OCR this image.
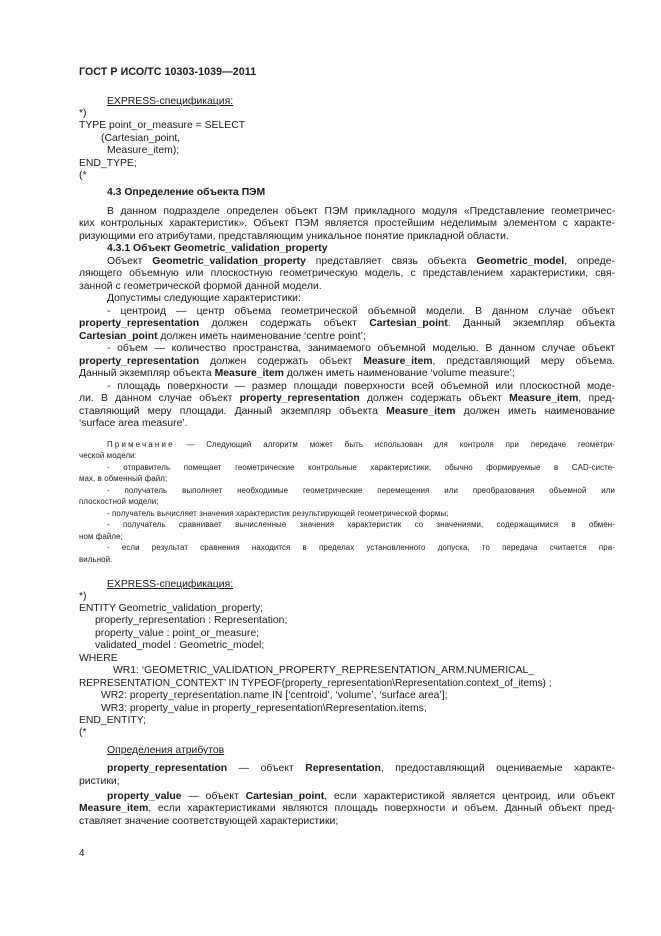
ГОСТ Р ИСО/ТС 10303-1039—2011
EXPRESS-спецификация:
*)
TYPE point_or_measure = SELECT
(Cartesian_point,
Measure_item);
END_TYPE;
(*
4.3 Определение объекта ПЭМ
В данном подразделе определен объект ПЭМ прикладного модуля «Представление геометричес-
ких контрольных характеристик». Объект ПЭМ является простейшим неделимым элементом с характе-
ризующими его атрибутами, представляющим уникальное понятие прикладной области.
4.3.1 Объект Geometric_validation_property
Объект Geometric_validation_property представляет связь объекта Geometric_model, опреде-
ляющего объемную или плоскостную геометрическую модель, с представлением характеристики, свя-
занной с геометрической формой данной модели.
Допустимы следующие характеристики:
- центроид — центр объема геометрической объемной модели. В данном случае объект
property_representation должен содержать объект Cartesian_point. Данный экземпляр объекта
Cartesian_point должен иметь наименование ‘centre point’;
- объем — количество пространства, занимаемого объемной моделью. В данном случае объект
property_representation должен содержать объект Measure_item, представляющий меру объема.
Данный экземпляр объекта Measure_item должен иметь наименование ‘volume measure’;
- площадь поверхности — размер площади поверхности всей объемной или плоскостной моде-
ли. В данном случае объект property_representation должен содержать объект Measure_item, пред-
ставляющий меру площади. Данный экземпляр объекта Measure_item должен иметь наименование
‘surface area measure’.
Примечание — Следующий алгоритм может быть использован для контроля при передаче геометри-
ческой модели:
- отправитель помещает геометрические контрольные характеристики, обычно формируемые в CAD-систе-
мах, в обменный файл;
- получатель выполняет необходимые геометрические перемещения или преобразования объемной или
плоскостной модели;
- получатель вычисляет значения характеристик результирующей геометрической формы;
- получатель сравнивает вычисленные значения характеристик со значениями, содержащимися в обмен-
ном файле;
- если результат сравнения находится в пределах установленного допуска, то передача считается пра-
вильной.
EXPRESS-спецификация:
*)
ENTITY Geometric_validation_property;
property_representation : Representation;
property_value : point_or_measure;
validated_model : Geometric_model;
WHERE
WR1: ‘GEOMETRIC_VALIDATION_PROPERTY_REPRESENTATION_ARM.NUMERICAL_
REPRESENTATION_CONTEXT’ IN TYPEOF(property_representation\Representation.context_of_items) ;
WR2: property_representation.name IN [‘centroid’, ‘volume’, ‘surface area’];
WR3: property_value in property_representation\Representation.items;
END_ENTITY;
(*
Определения атрибутов
property_representation — объект Representation, предоставляющий оцениваемые характе-
ристики;
property_value — объект Cartesian_point, если характеристикой является центроид, или объект
Measure_item, если характеристиками являются площадь поверхности и объем. Данный объект пред-
ставляет значение соответствующей характеристики;
4
